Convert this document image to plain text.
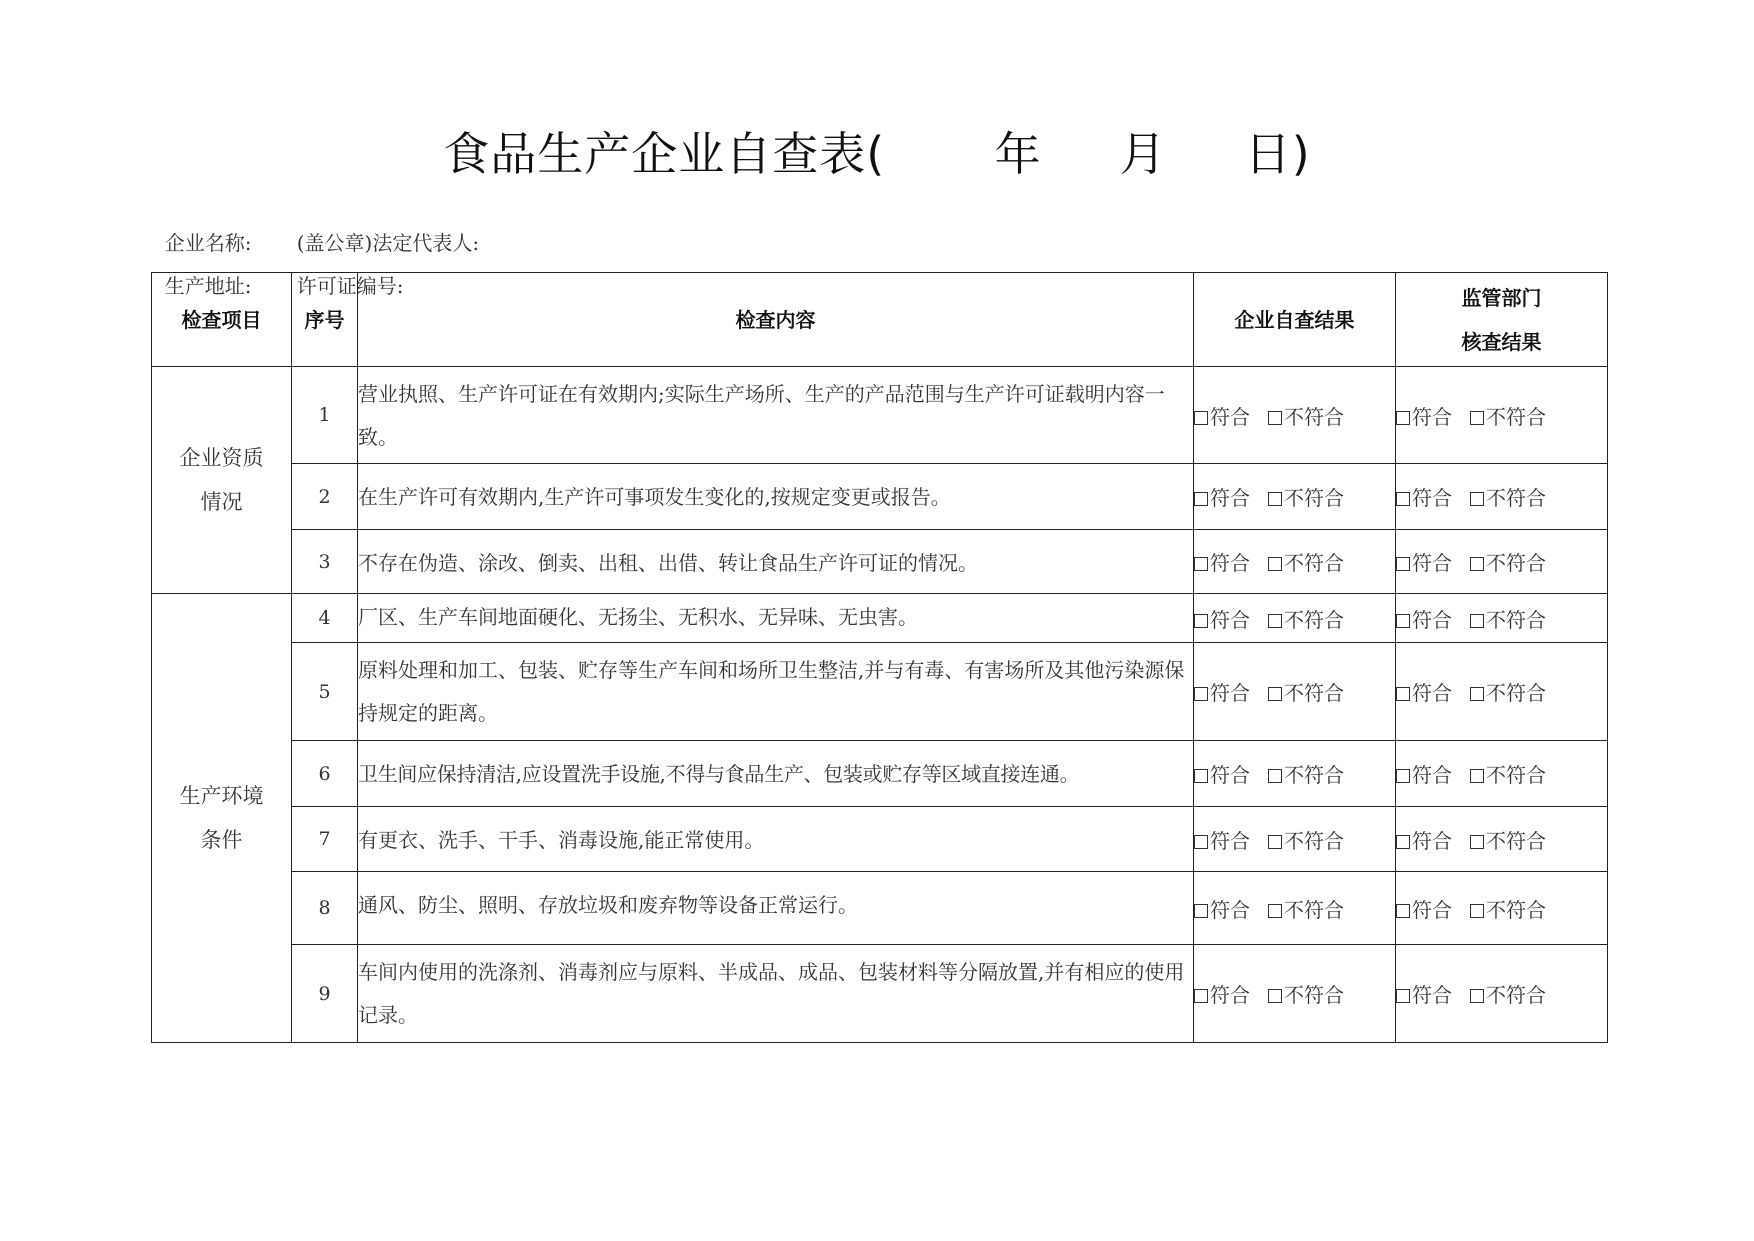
食品生产企业自查表(       年     月     日)

企业名称: (盖公章)法定代表人:

生产地址: 许可证编号:

检查项目	序号	检查内容	企业自查结果	监管部门
核查结果

企业资质
情况	1	营业执照、生产许可证在有效期内;实际生产场所、生产的产品范围与生产许可证载明内容一致。	符合 不符合	符合 不符合
	2	在生产许可有效期内,生产许可事项发生变化的,按规定变更或报告。	符合 不符合	符合 不符合
	3	不存在伪造、涂改、倒卖、出租、出借、转让食品生产许可证的情况。	符合 不符合	符合 不符合

生产环境
条件	4	厂区、生产车间地面硬化、无扬尘、无积水、无异味、无虫害。	符合 不符合	符合 不符合
	5	原料处理和加工、包装、贮存等生产车间和场所卫生整洁,并与有毒、有害场所及其他污染源保持规定的距离。	符合 不符合	符合 不符合
	6	卫生间应保持清洁,应设置洗手设施,不得与食品生产、包装或贮存等区域直接连通。	符合 不符合	符合 不符合
	7	有更衣、洗手、干手、消毒设施,能正常使用。	符合 不符合	符合 不符合
	8	通风、防尘、照明、存放垃圾和废弃物等设备正常运行。	符合 不符合	符合 不符合
	9	车间内使用的洗涤剂、消毒剂应与原料、半成品、成品、包装材料等分隔放置,并有相应的使用记录。	符合 不符合	符合 不符合
